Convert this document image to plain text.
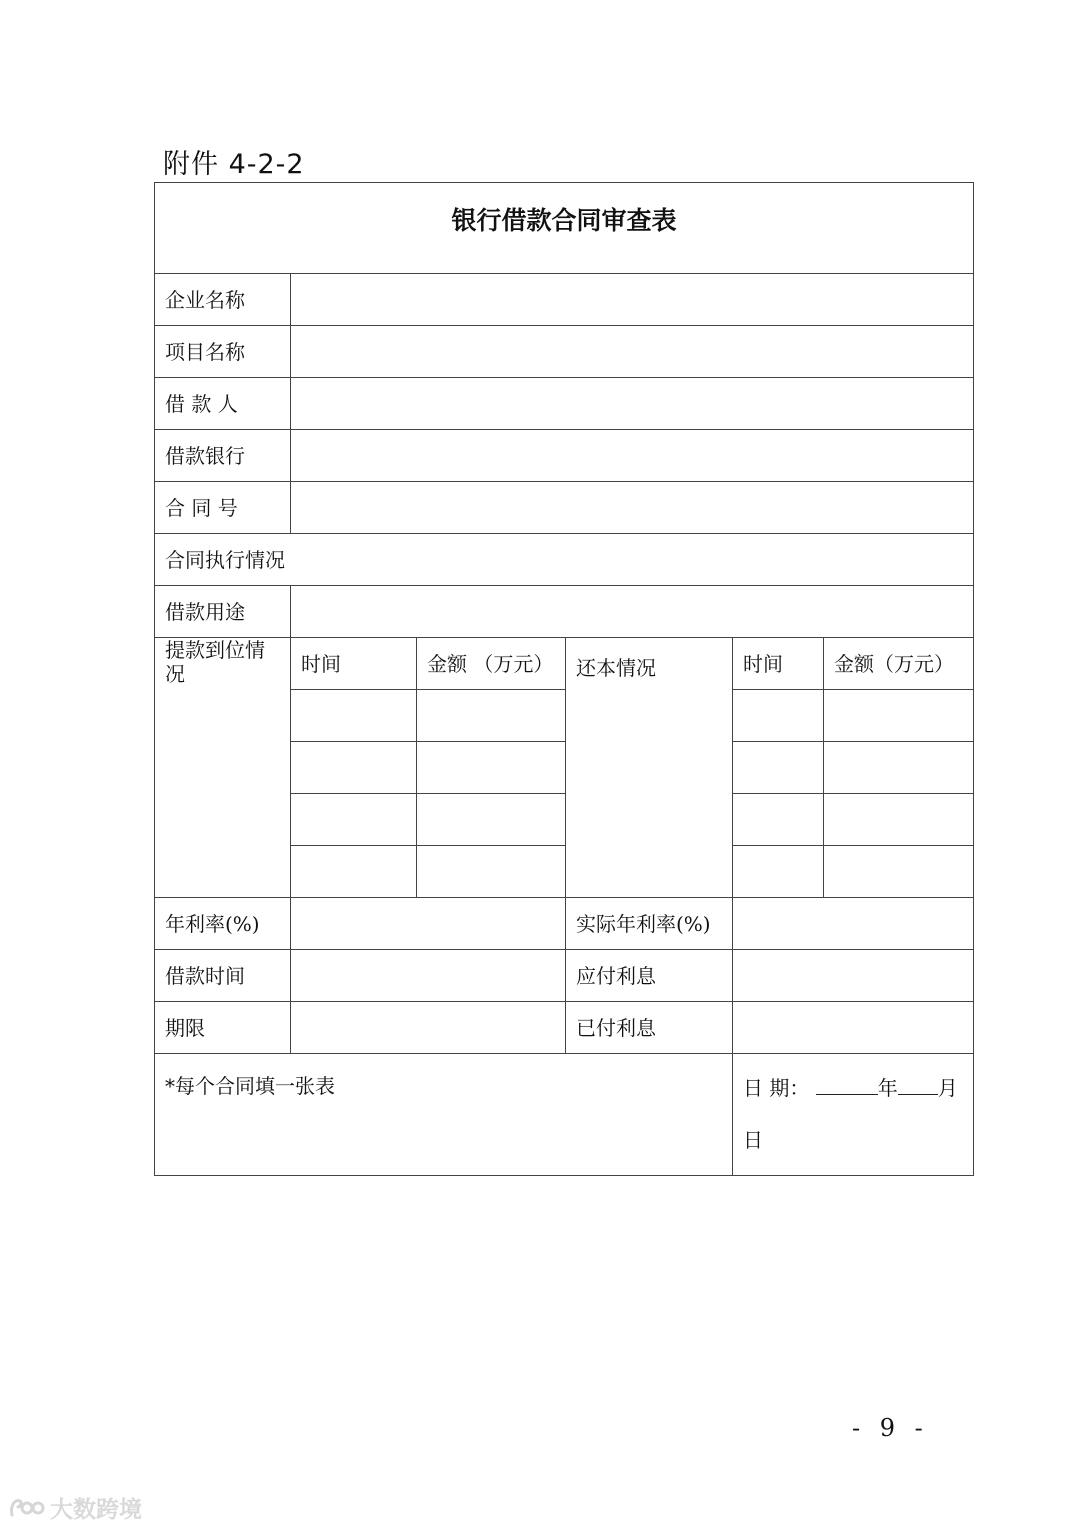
附件 4-2-2
银行借款合同审查表					
企业名称					
项目名称					
借 款 人					
借款银行					
合 同 号					
合同执行情况					
借款用途					
提款到位情况	时间	金额 （万元）	还本情况	时间	金额（万元）

年利率(%)			实际年利率(%)		
借款时间			应付利息		
期限			已付利息		
*每个合同填一张表				日 期： 年 月
日	
- 9 -
大数跨境
